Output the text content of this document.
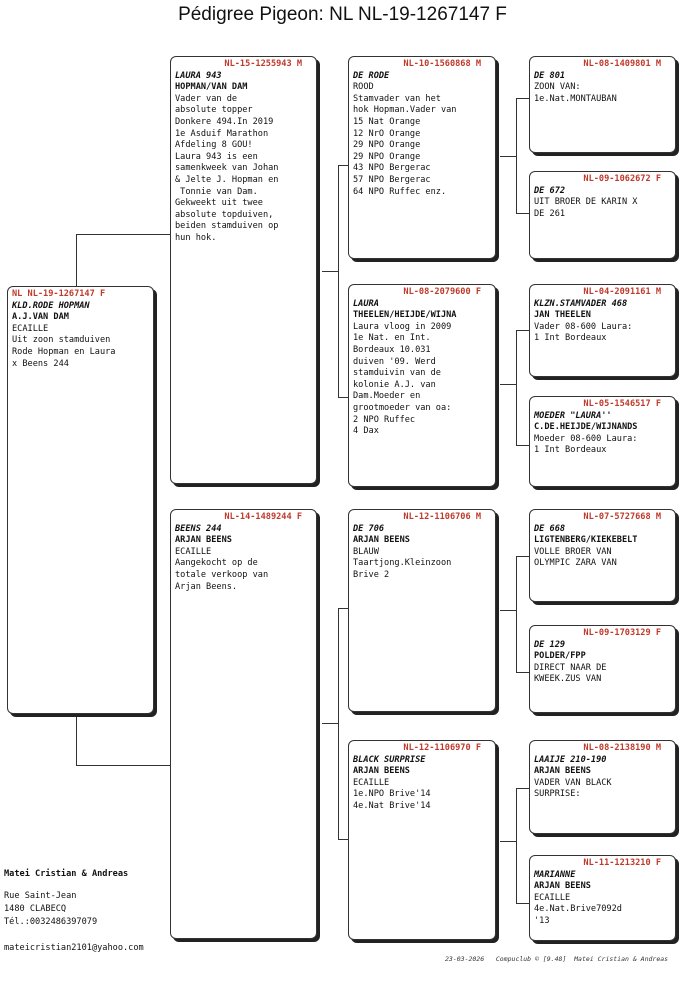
Pédigree Pigeon: NL NL-19-1267147 F
NL NL-19-1267147 F
KLD.RODE HOPMAN
A.J.VAN DAM
ECAILLE
Uit zoon stamduiven
Rode Hopman en Laura
x Beens 244
NL-15-1255943 M
LAURA 943
HOPMAN/VAN DAM
Vader van de
absolute topper
Donkere 494.In 2019
1e Asduif Marathon
Afdeling 8 GOU!
Laura 943 is een
samenkweek van Johan
& Jelte J. Hopman en
Tonnie van Dam.
Gekweekt uit twee
absolute topduiven,
beiden stamduiven op
hun hok.
NL-14-1489244 F
BEENS 244
ARJAN BEENS
ECAILLE
Aangekocht op de
totale verkoop van
Arjan Beens.
NL-10-1560868 M
DE RODE
ROOD
Stamvader van het
hok Hopman.Vader van
15 Nat Orange
12 NrO Orange
29 NPO Orange
29 NPO Orange
43 NPO Bergerac
57 NPO Bergerac
64 NPO Ruffec enz.
NL-08-2079600 F
LAURA
THEELEN/HEIJDE/WIJNA
Laura vloog in 2009
1e Nat. en Int.
Bordeaux 10.031
duiven '09. Werd
stamduivin van de
kolonie A.J. van
Dam.Moeder en
grootmoeder van oa:
2 NPO Ruffec
4 Dax
NL-12-1106706 M
DE 706
ARJAN BEENS
BLAUW
Taartjong.Kleinzoon
Brive 2
NL-12-1106970 F
BLACK SURPRISE
ARJAN BEENS
ECAILLE
1e.NPO Brive'14
4e.Nat Brive'14
NL-08-1409801 M
DE 801
ZOON VAN:
1e.Nat.MONTAUBAN
NL-09-1062672 F
DE 672
UIT BROER DE KARIN X
DE 261
NL-04-2091161 M
KLZN.STAMVADER 468
JAN THEELEN
Vader 08-600 Laura:
1 Int Bordeaux
NL-05-1546517 F
MOEDER "LAURA''
C.DE.HEIJDE/WIJNANDS
Moeder 08-600 Laura:
1 Int Bordeaux
NL-07-5727668 M
DE 668
LIGTENBERG/KIEKEBELT
VOLLE BROER VAN
OLYMPIC ZARA VAN
NL-09-1703129 F
DE 129
POLDER/FPP
DIRECT NAAR DE
KWEEK.ZUS VAN
NL-08-2138190 M
LAAIJE 210-190
ARJAN BEENS
VADER VAN BLACK
SURPRISE:
NL-11-1213210 F
MARIANNE
ARJAN BEENS
ECAILLE
4e.Nat.Brive7092d
'13
Matei Cristian & Andreas
Rue Saint-Jean
1480 CLABECQ
Tél.:0032486397079
mateicristian2101@yahoo.com
23-03-2026   Compuclub © [9.48]  Matei Cristian & Andreas
